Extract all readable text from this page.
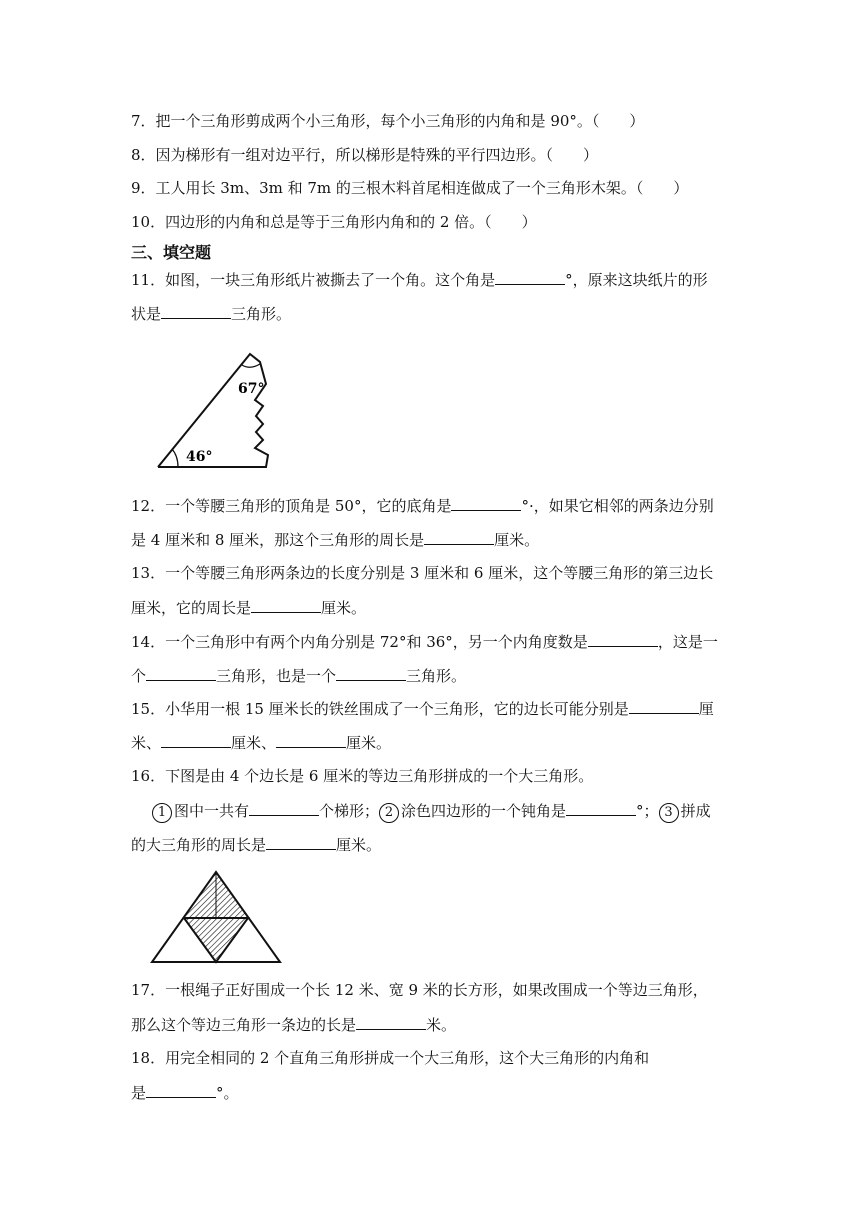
7．把一个三角形剪成两个小三角形，每个小三角形的内角和是 90°。（　　）
8．因为梯形有一组对边平行，所以梯形是特殊的平行四边形。（　　）
9．工人用长 3m、3m 和 7m 的三根木料首尾相连做成了一个三角形木架。（　　）
10．四边形的内角和总是等于三角形内角和的 2 倍。（　　）
三、填空题
11．如图，一块三角形纸片被撕去了一个角。这个角是	°，原来这块纸片的形
状是	三角形。
67°
46°
12．一个等腰三角形的顶角是 50°，它的底角是	°·，如果它相邻的两条边分别
是 4 厘米和 8 厘米，那这个三角形的周长是	厘米。
13．一个等腰三角形两条边的长度分别是 3 厘米和 6 厘米，这个等腰三角形的第三边长
厘米，它的周长是	厘米。
14．一个三角形中有两个内角分别是 72°和 36°，另一个内角度数是	，这是一
个	三角形，也是一个	三角形。
15．小华用一根 15 厘米长的铁丝围成了一个三角形，它的边长可能分别是	厘
米、	厘米、	厘米。
16．下图是由 4 个边长是 6 厘米的等边三角形拼成的一个大三角形。
1 图中一共有	个梯形； 2 涂色四边形的一个钝角是	°； 3 拼成
的大三角形的周长是	厘米。
17．一根绳子正好围成一个长 12 米、宽 9 米的长方形，如果改围成一个等边三角形，
那么这个等边三角形一条边的长是	米。
18．用完全相同的 2 个直角三角形拼成一个大三角形，这个大三角形的内角和
是	°。
